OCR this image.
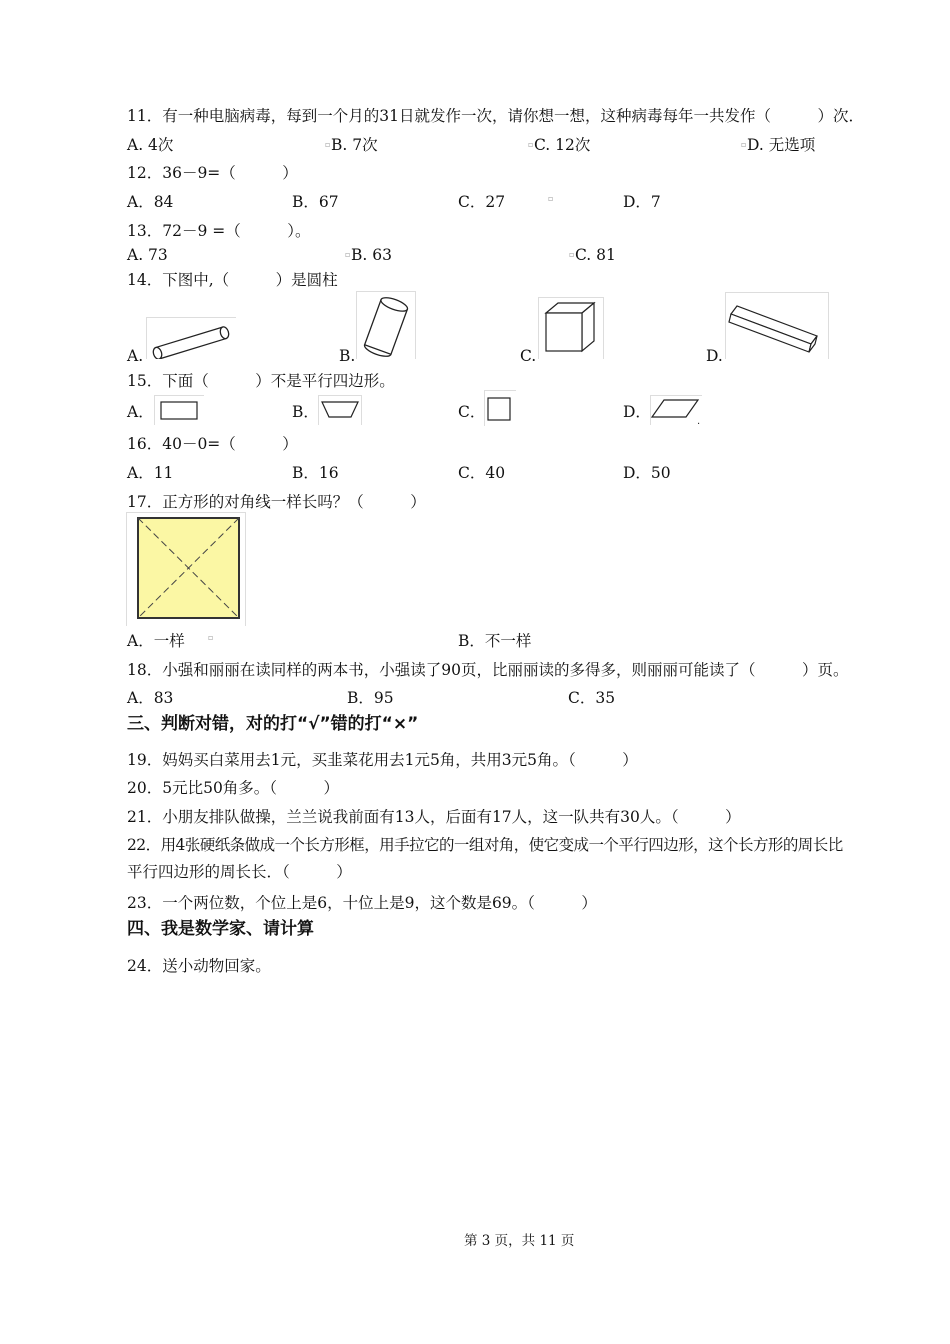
11．有一种电脑病毒，每到一个月的31日就发作一次，请你想一想，这种病毒每年一共发作（　　　）次．
A. 4次	▫ B. 7次	▫ C. 12次	▫ D. 无选项
12．36－9=（　　　）
A．84	B．67	C．27	▫	D．7
13．72－9 =（　　　）。
A. 73	▫ B. 63	▫ C. 81
14．下图中,（　　　）是圆柱
A.	B.	C.	D.
15．下面（　　　）不是平行四边形。
A．	B．	C．	D．
.
16．40－0=（　　　）
A．11	B．16	C．40	D．50
17．正方形的对角线一样长吗？（　　　）
A．一样	▫	B．不一样
18．小强和丽丽在读同样的两本书，小强读了90页，比丽丽读的多得多，则丽丽可能读了（　　　）页。
A．83	B．95	C．35
三、判断对错，对的打“√”错的打“×”
19．妈妈买白菜用去1元，买韭菜花用去1元5角，共用3元5角。（　　　）
20．5元比50角多。（　　　）
21．小朋友排队做操，兰兰说我前面有13人，后面有17人，这一队共有30人。（　　　）
22．用4张硬纸条做成一个长方形框，用手拉它的一组对角，使它变成一个平行四边形，这个长方形的周长比
平行四边形的周长长．（　　　）
23．一个两位数，个位上是6，十位上是9，这个数是69。（　　　）
四、我是数学家、请计算
24．送小动物回家。
第 3 页，共 11 页
